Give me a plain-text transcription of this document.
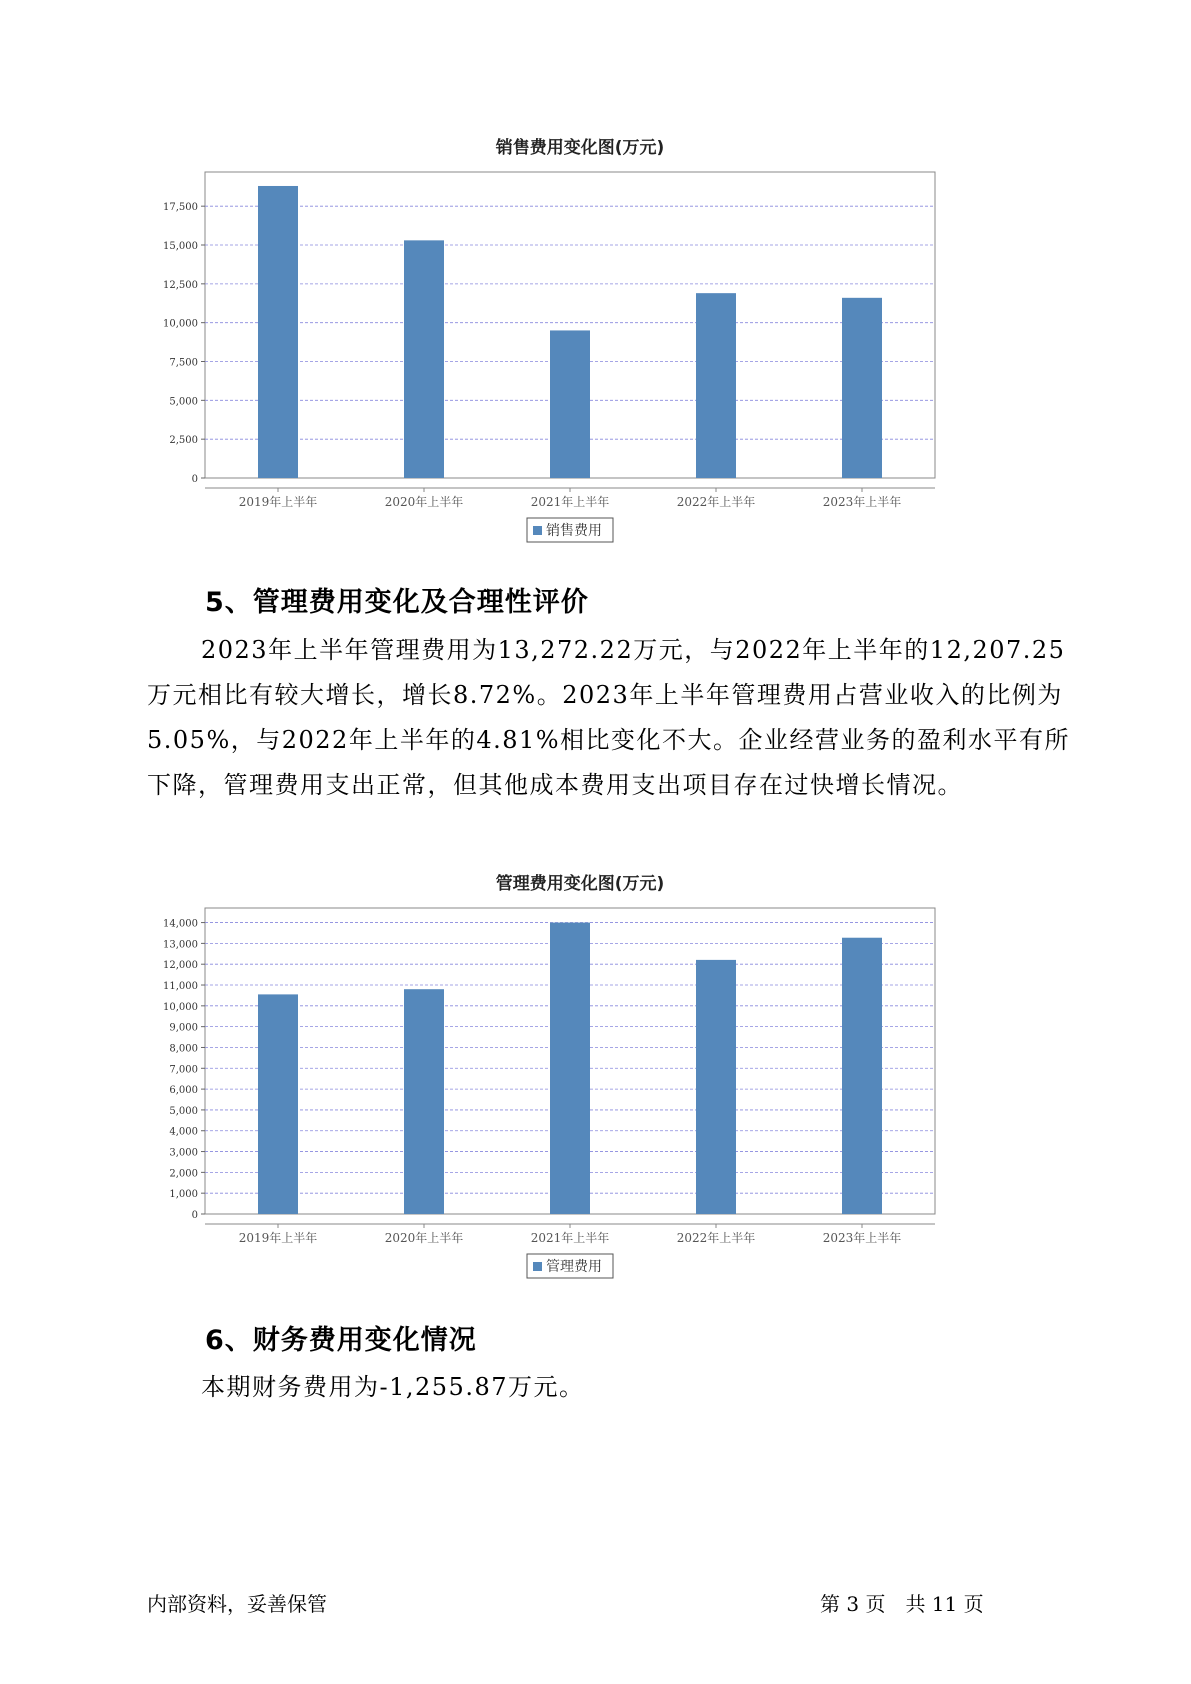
销售费用变化图(万元)
0
2,500
5,000
7,500
10,000
12,500
15,000
17,500
2019年上半年	2020年上半年	2021年上半年	2022年上半年	2023年上半年
销售费用
5、管理费用变化及合理性评价

2023年上半年管理费用为13,272.22万元，与2022年上半年的12,207.25万元相比有较大增长，增长8.72%。2023年上半年管理费用占营业收入的比例为5.05%，与2022年上半年的4.81%相比变化不大。企业经营业务的盈利水平有所下降，管理费用支出正常，但其他成本费用支出项目存在过快增长情况。

管理费用变化图(万元)
0
1,000
2,000
3,000
4,000
5,000
6,000
7,000
8,000
9,000
10,000
11,000
12,000
13,000
14,000
2019年上半年	2020年上半年	2021年上半年	2022年上半年	2023年上半年
管理费用
6、财务费用变化情况

本期财务费用为-1,255.87万元。

内部资料，妥善保管	第 3 页　共 11 页
